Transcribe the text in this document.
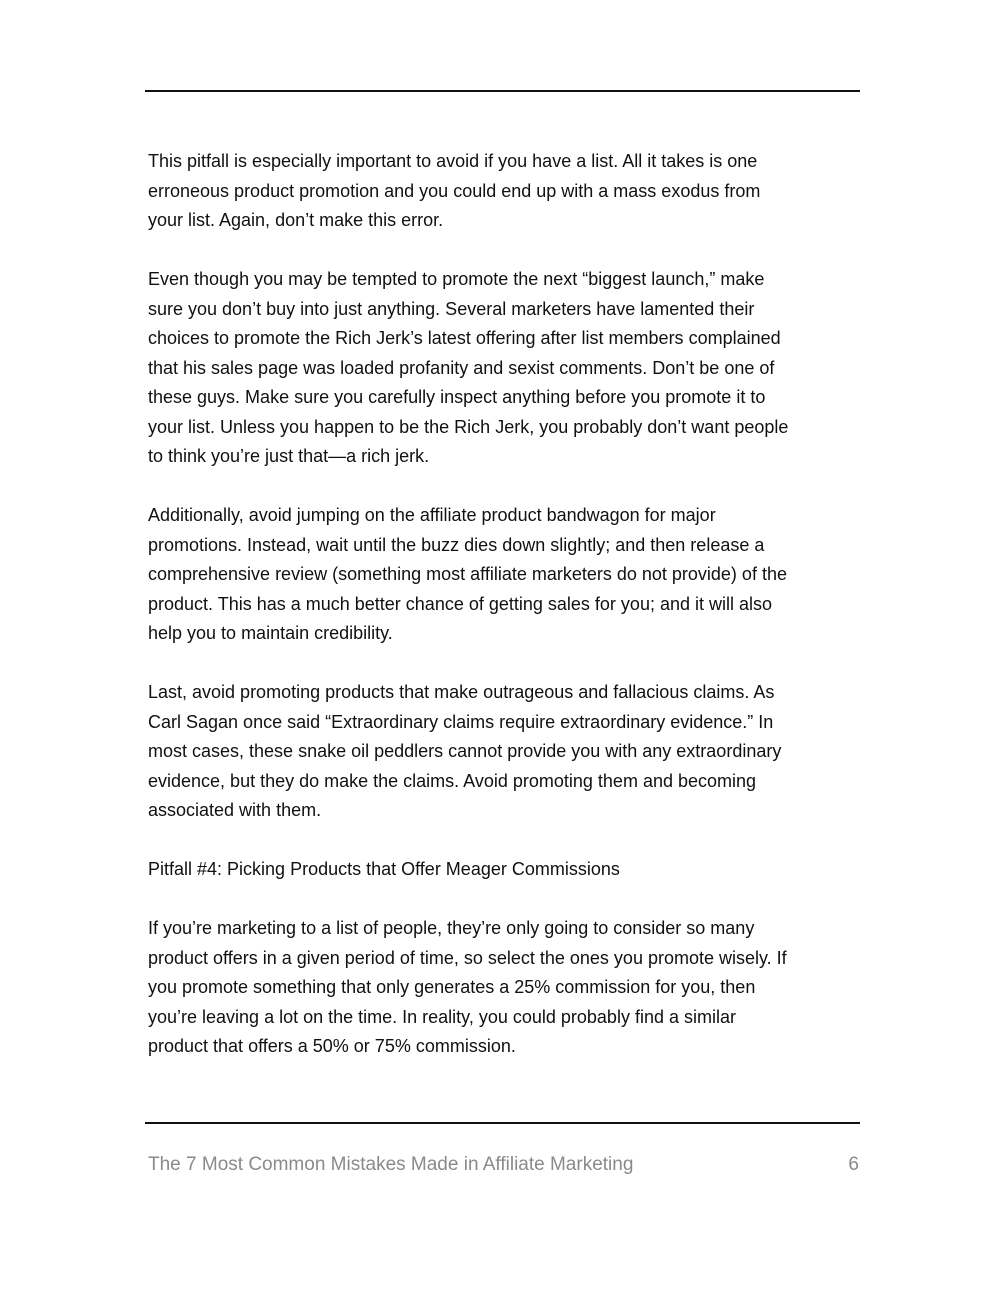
This pitfall is especially important to avoid if you have a list. All it takes is one
erroneous product promotion and you could end up with a mass exodus from
your list. Again, don’t make this error.

Even though you may be tempted to promote the next “biggest launch,” make
sure you don’t buy into just anything. Several marketers have lamented their
choices to promote the Rich Jerk’s latest offering after list members complained
that his sales page was loaded profanity and sexist comments. Don’t be one of
these guys. Make sure you carefully inspect anything before you promote it to
your list. Unless you happen to be the Rich Jerk, you probably don’t want people
to think you’re just that—a rich jerk.

Additionally, avoid jumping on the affiliate product bandwagon for major
promotions. Instead, wait until the buzz dies down slightly; and then release a
comprehensive review (something most affiliate marketers do not provide) of the
product. This has a much better chance of getting sales for you; and it will also
help you to maintain credibility.

Last, avoid promoting products that make outrageous and fallacious claims. As
Carl Sagan once said “Extraordinary claims require extraordinary evidence.” In
most cases, these snake oil peddlers cannot provide you with any extraordinary
evidence, but they do make the claims. Avoid promoting them and becoming
associated with them.

Pitfall #4: Picking Products that Offer Meager Commissions

If you’re marketing to a list of people, they’re only going to consider so many
product offers in a given period of time, so select the ones you promote wisely. If
you promote something that only generates a 25% commission for you, then
you’re leaving a lot on the time. In reality, you could probably find a similar
product that offers a 50% or 75% commission.

The 7 Most Common Mistakes Made in Affiliate Marketing	6
